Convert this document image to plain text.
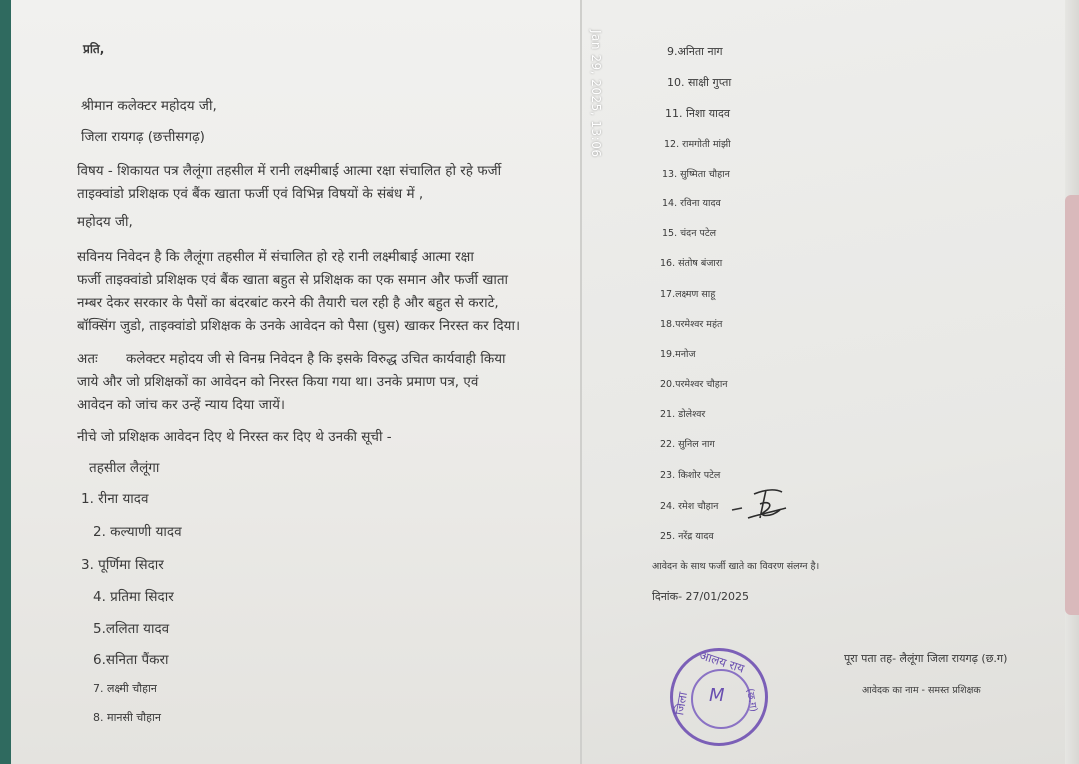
प्रति,
श्रीमान कलेक्टर महोदय जी,
जिला रायगढ़ (छत्तीसगढ़)
विषय - शिकायत पत्र लैलूंगा तहसील में रानी लक्ष्मीबाई आत्मा रक्षा संचालित हो रहे फर्जी
ताइक्वांडो प्रशिक्षक एवं बैंक खाता फर्जी एवं विभिन्न विषयों के संबंध में ,
महोदय जी,
सविनय निवेदन है कि लैलूंगा तहसील में संचालित हो रहे रानी लक्ष्मीबाई आत्मा रक्षा
फर्जी ताइक्वांडो प्रशिक्षक एवं बैंक खाता बहुत से प्रशिक्षक का एक समान और फर्जी खाता
नम्बर देकर सरकार के पैसों का बंदरबांट करने की तैयारी चल रही है और बहुत से कराटे,
बॉक्सिंग जुडो, ताइक्वांडो प्रशिक्षक के उनके आवेदन को पैसा (घुस) खाकर निरस्त कर दिया।
अतः कलेक्टर महोदय जी से विनम्र निवेदन है कि इसके विरुद्ध उचित कार्यवाही किया
जाये और जो प्रशिक्षकों का आवेदन को निरस्त किया गया था। उनके प्रमाण पत्र, एवं
आवेदन को जांच कर उन्हें न्याय दिया जायें।
नीचे जो प्रशिक्षक आवेदन दिए थे निरस्त कर दिए थे उनकी सूची -
तहसील लैलूंगा
1. रीना यादव
2. कल्याणी यादव
3. पूर्णिमा सिदार
4. प्रतिमा सिदार
5.ललिता यादव
6.सनिता पैंकरा
7. लक्ष्मी चौहान
8. मानसी चौहान
Jan 29, 2025, 13:06	9.अनिता नाग
10. साक्षी गुप्ता
11. निशा यादव
12. रामगोती मांझी
13. सुष्मिता चौहान
14. रविना यादव
15. चंदन पटेल
16. संतोष बंजारा
17.लक्ष्मण साहू
18.परमेश्वर महंत
19.मनोज
20.परमेश्वर चौहान
21. डोलेश्वर
22. सुनिल नाग
23. किशोर पटेल
24. रमेश चौहान
25. नरेंद्र यादव
आवेदन के साथ फर्जी खाते का विवरण संलग्न है।
दिनांक- 27/01/2025
पूरा पता तह- लैलूंगा जिला रायगढ़ (छ.ग)
आवेदक का नाम - समस्त प्रशिक्षक
आलय राय
जिला	(छ.ग)
M
